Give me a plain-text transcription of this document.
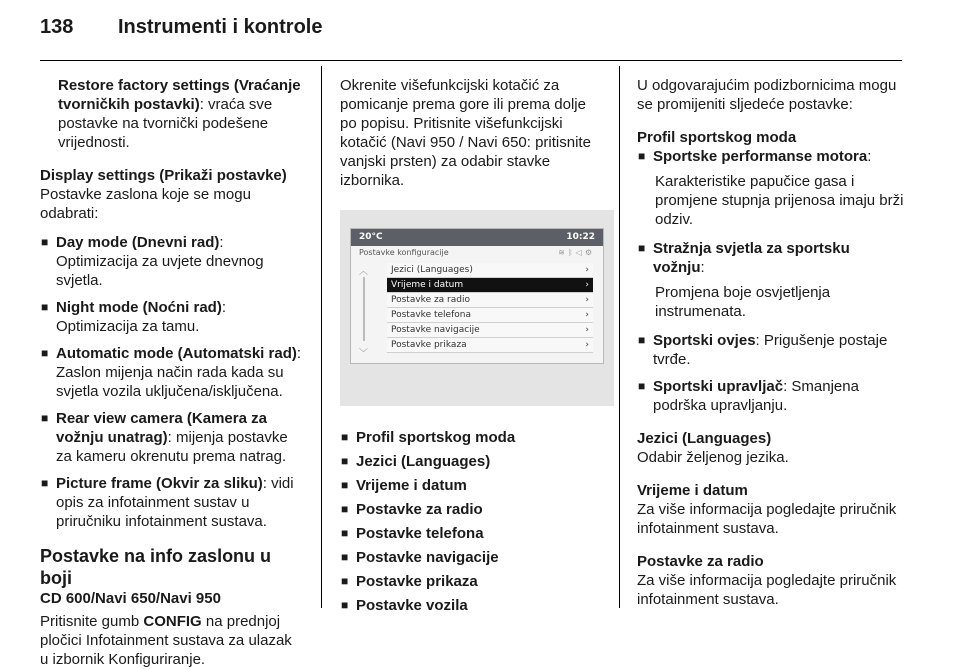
138	Instrumenti i kontrole
Restore factory settings (Vraćanje tvorničkih postavki): vraća sve postavke na tvornički podešene vrijednosti.
Display settings (Prikaži postavke)
Postavke zaslona koje se mogu odabrati:
■ Day mode (Dnevni rad): Optimizacija za uvjete dnevnog svjetla.
■ Night mode (Noćni rad): Optimizacija za tamu.
■ Automatic mode (Automatski rad): Zaslon mijenja način rada kada su svjetla vozila uključena/isključena.
■ Rear view camera (Kamera za vožnju unatrag): mijenja postavke za kameru okrenutu prema natrag.
■ Picture frame (Okvir za sliku): vidi opis za infotainment sustav u priručniku infotainment sustava.
Postavke na info zaslonu u boji
CD 600/Navi 650/Navi 950
Pritisnite gumb CONFIG na prednjoj pločici Infotainment sustava za ulazak u izbornik Konfiguriranje.
Okrenite višefunkcijski kotačić za pomicanje prema gore ili prema dolje po popisu. Pritisnite višefunkcijski kotačić (Navi 950 / Navi 650: pritisnite vanjski prsten) za odabir stavke izbornika.
20°C	10:22
Postavke konfiguracije	≋ᛒ◁⚙
︿
﹀
Jezici (Languages)	›
Vrijeme i datum	›
Postavke za radio	›
Postavke telefona	›
Postavke navigacije	›
Postavke prikaza	›
■ Profil sportskog moda
■ Jezici (Languages)
■ Vrijeme i datum
■ Postavke za radio
■ Postavke telefona
■ Postavke navigacije
■ Postavke prikaza
■ Postavke vozila
U odgovarajućim podizbornicima mogu se promijeniti sljedeće postavke:
Profil sportskog moda
■ Sportske performanse motora:
Karakteristike papučice gasa i promjene stupnja prijenosa imaju brži odziv.
■ Stražnja svjetla za sportsku vožnju:
Promjena boje osvjetljenja instrumenata.
■ Sportski ovjes: Prigušenje postaje tvrđe.
■ Sportski upravljač: Smanjena podrška upravljanju.
Jezici (Languages)
Odabir željenog jezika.
Vrijeme i datum
Za više informacija pogledajte priručnik infotainment sustava.
Postavke za radio
Za više informacija pogledajte priručnik infotainment sustava.
